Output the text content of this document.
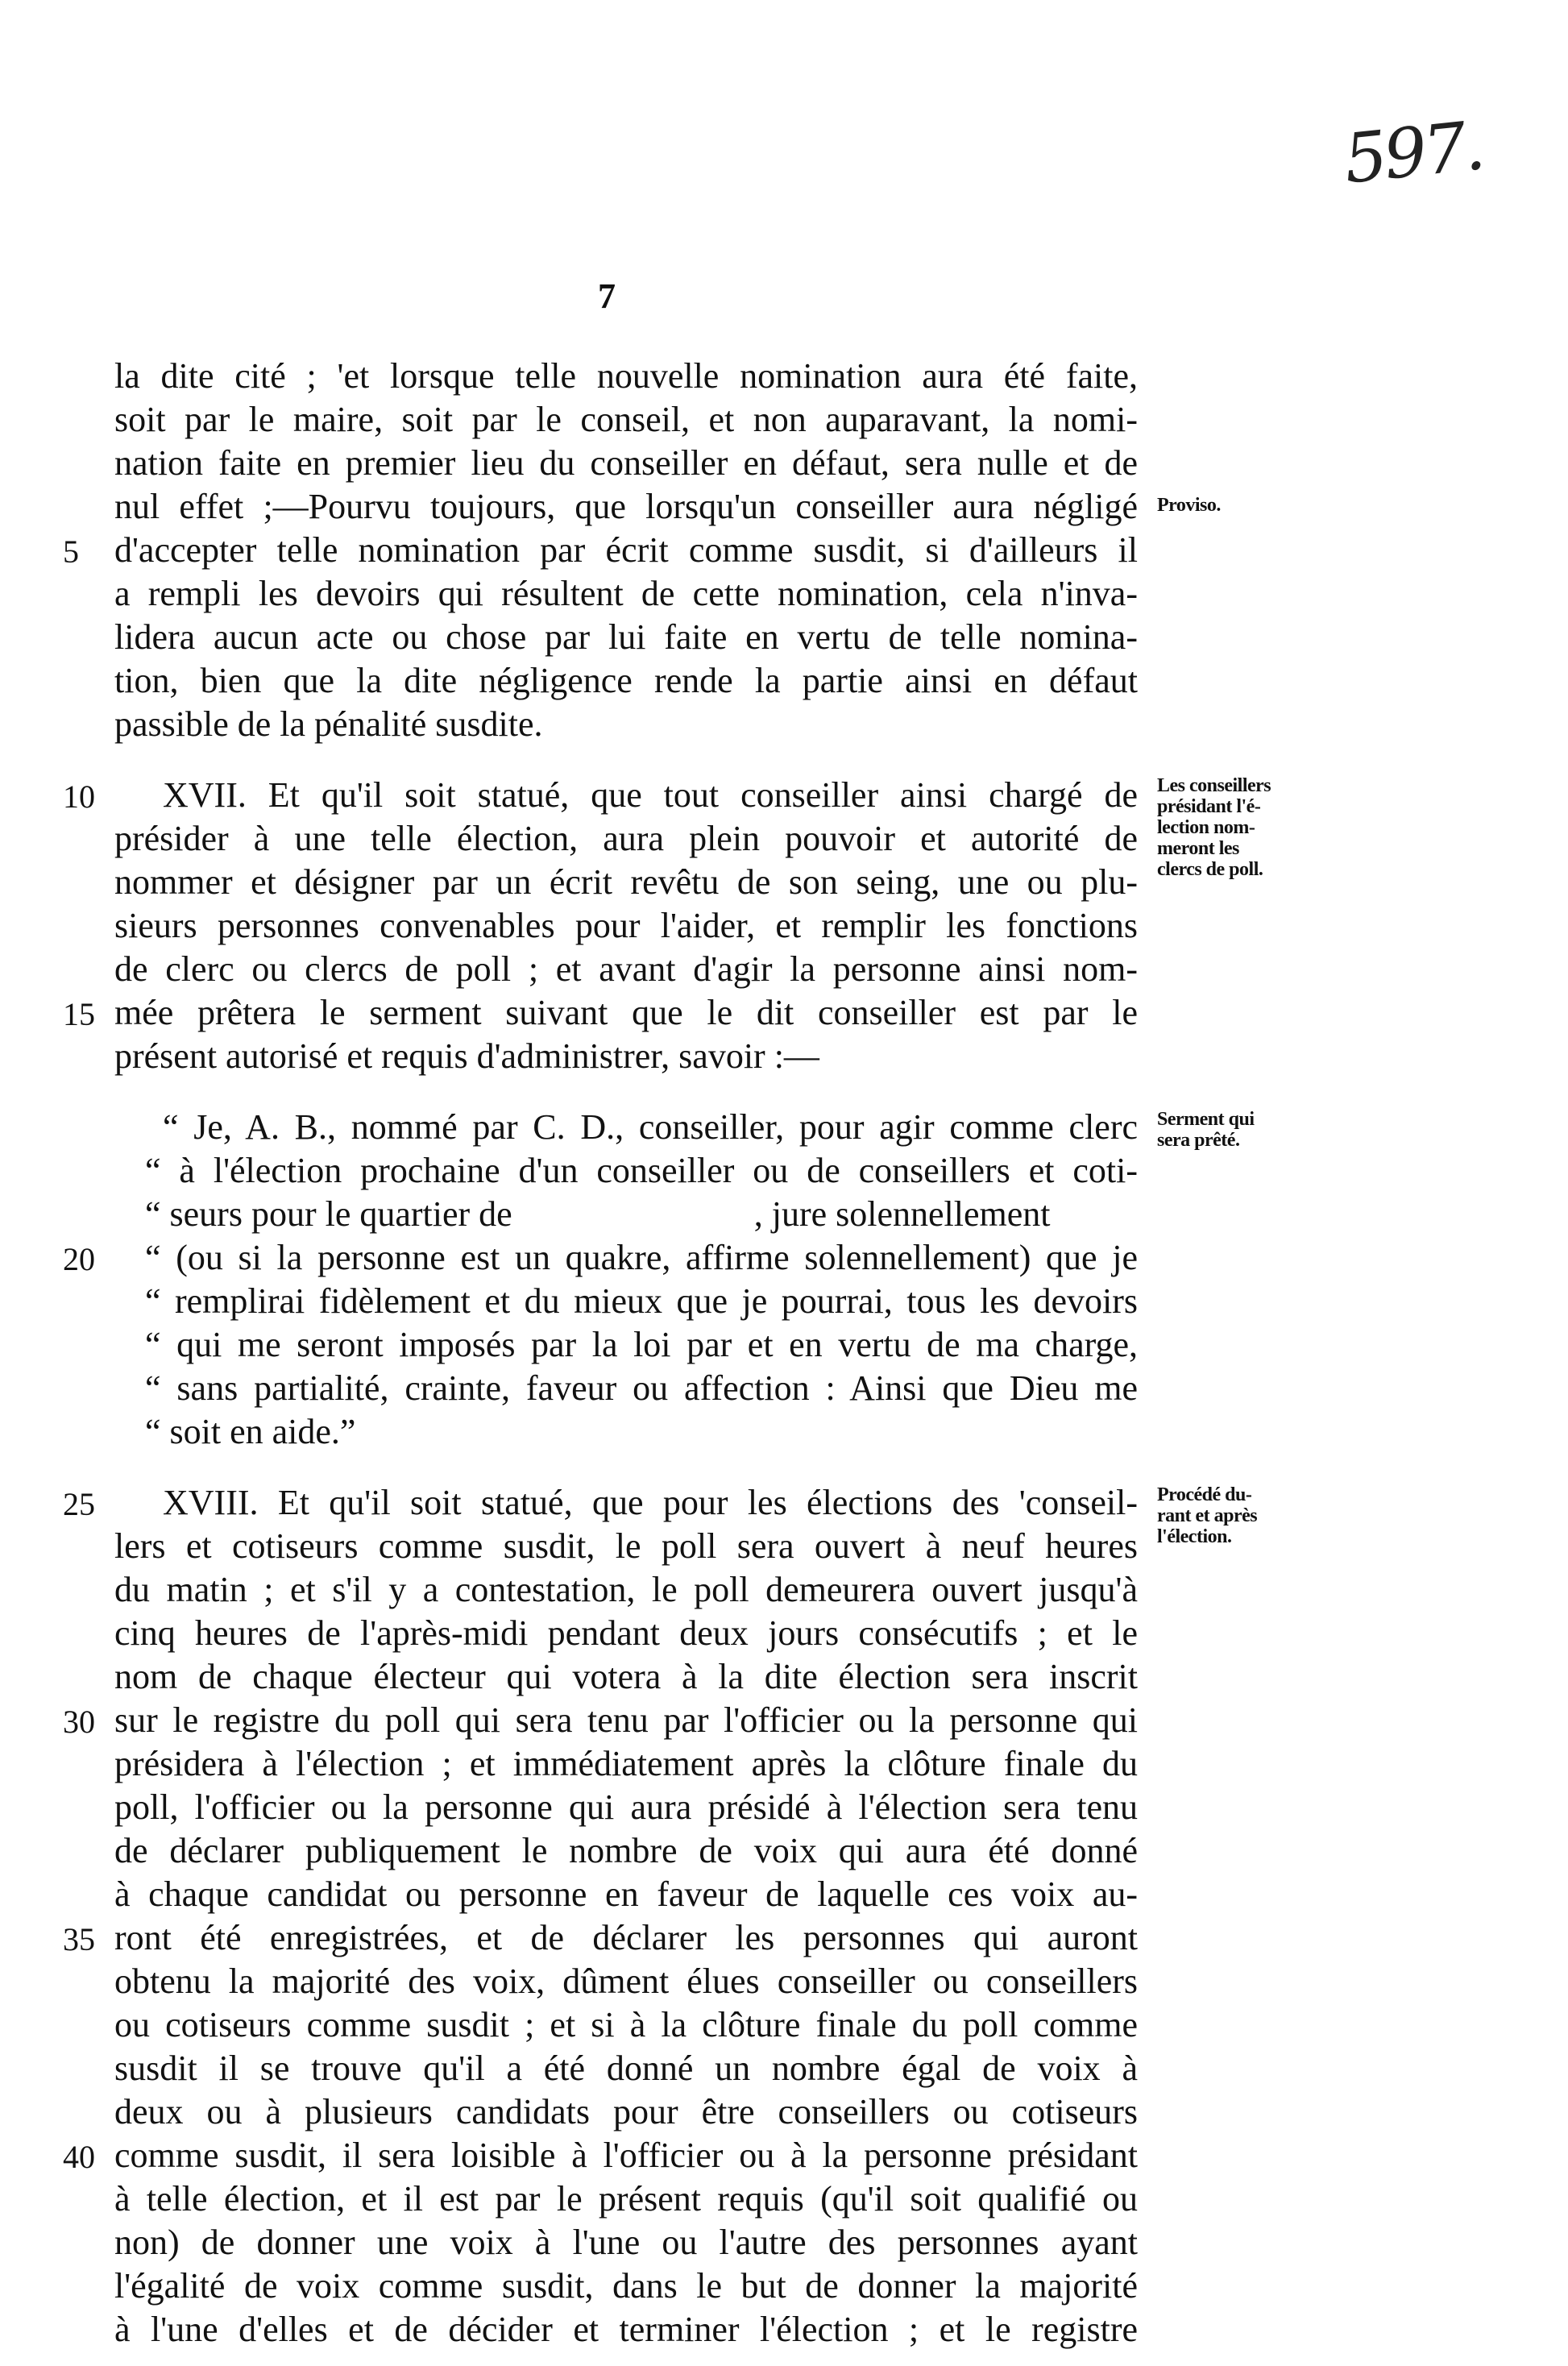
597.
7
la dite cité ; 'et lorsque telle nouvelle nomination aura été faite,
soit par le maire, soit par le conseil, et non auparavant, la nomi-
nation faite en premier lieu du conseiller en défaut, sera nulle et de
nul effet ;—Pourvu toujours, que lorsqu'un conseiller aura négligé
d'accepter telle nomination par écrit comme susdit, si d'ailleurs il
a rempli les devoirs qui résultent de cette nomination, cela n'inva-
lidera aucun acte ou chose par lui faite en vertu de telle nomina-
tion, bien que la dite négligence rende la partie ainsi en défaut
passible de la pénalité susdite.
XVII. Et qu'il soit statué, que tout conseiller ainsi chargé de
présider à une telle élection, aura plein pouvoir et autorité de
nommer et désigner par un écrit revêtu de son seing, une ou plu-
sieurs personnes convenables pour l'aider, et remplir les fonctions
de clerc ou clercs de poll ; et avant d'agir la personne ainsi nom-
mée prêtera le serment suivant que le dit conseiller est par le
présent autorisé et requis d'administrer, savoir :—
“ Je, A. B., nommé par C. D., conseiller, pour agir comme clerc
“ à l'élection prochaine d'un conseiller ou de conseillers et coti-
“ seurs pour le quartier de	, jure solennellement
“ (ou si la personne est un quakre, affirme solennellement) que je
“ remplirai fidèlement et du mieux que je pourrai, tous les devoirs
“ qui me seront imposés par la loi par et en vertu de ma charge,
“ sans partialité, crainte, faveur ou affection : Ainsi que Dieu me
“ soit en aide.”
XVIII. Et qu'il soit statué, que pour les élections des 'conseil-
lers et cotiseurs comme susdit, le poll sera ouvert à neuf heures
du matin ; et s'il y a contestation, le poll demeurera ouvert jusqu'à
cinq heures de l'après-midi pendant deux jours consécutifs ; et le
nom de chaque électeur qui votera à la dite élection sera inscrit
sur le registre du poll qui sera tenu par l'officier ou la personne qui
présidera à l'élection ; et immédiatement après la clôture finale du
poll, l'officier ou la personne qui aura présidé à l'élection sera tenu
de déclarer publiquement le nombre de voix qui aura été donné
à chaque candidat ou personne en faveur de laquelle ces voix au-
ront été enregistrées, et de déclarer les personnes qui auront
obtenu la majorité des voix, dûment élues conseiller ou conseillers
ou cotiseurs comme susdit ; et si à la clôture finale du poll comme
susdit il se trouve qu'il a été donné un nombre égal de voix à
deux ou à plusieurs candidats pour être conseillers ou cotiseurs
comme susdit, il sera loisible à l'officier ou à la personne présidant
à telle élection, et il est par le présent requis (qu'il soit qualifié ou
non) de donner une voix à l'une ou l'autre des personnes ayant
l'égalité de voix comme susdit, dans le but de donner la majorité
à l'une d'elles et de décider et terminer l'élection ; et le registre
5
10
15
20
25
30
35
40
Proviso.
Les conseillers
présidant l'é-
lection nom-
meront les
clercs de poll.
Serment qui
sera prêté.
Procédé du-
rant et après
l'élection.
